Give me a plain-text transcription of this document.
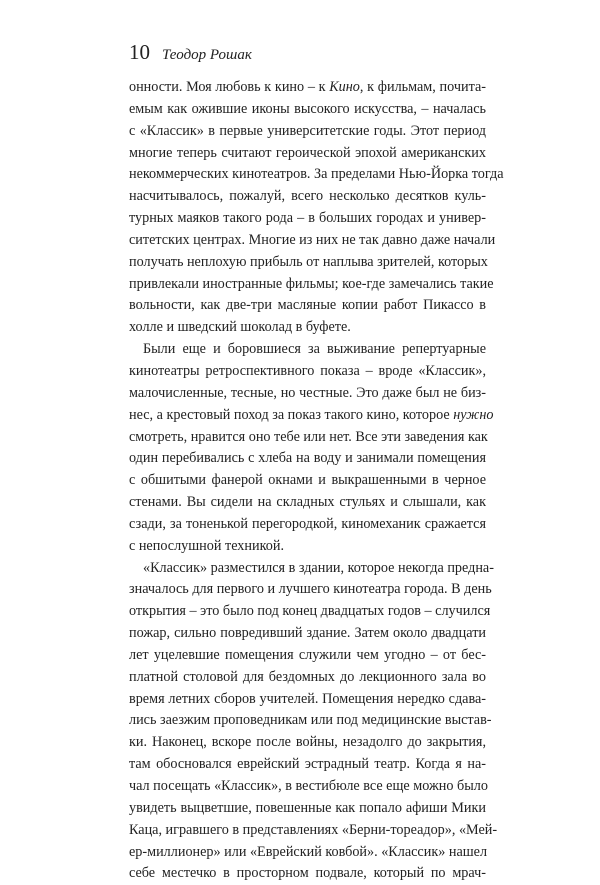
10 Теодор Рошак
онности. Моя любовь к кино – к Кино, к фильмам, почита-
емым как ожившие иконы высокого искусства, – началась
с «Классик» в первые университетские годы. Этот период
многие теперь считают героической эпохой американских
некоммерческих кинотеатров. За пределами Нью-Йорка тогда
насчитывалось, пожалуй, всего несколько десятков куль-
турных маяков такого рода – в больших городах и универ-
ситетских центрах. Многие из них не так давно даже начали
получать неплохую прибыль от наплыва зрителей, которых
привлекали иностранные фильмы; кое-где замечались такие
вольности, как две-три масляные копии работ Пикассо в
холле и шведский шоколад в буфете.
Были еще и боровшиеся за выживание репертуарные
кинотеатры ретроспективного показа – вроде «Классик»,
малочисленные, тесные, но честные. Это даже был не биз-
нес, а крестовый поход за показ такого кино, которое нужно
смотреть, нравится оно тебе или нет. Все эти заведения как
один перебивались с хлеба на воду и занимали помещения
с обшитыми фанерой окнами и выкрашенными в черное
стенами. Вы сидели на складных стульях и слышали, как
сзади, за тоненькой перегородкой, киномеханик сражается
с непослушной техникой.
«Классик» разместился в здании, которое некогда предна-
значалось для первого и лучшего кинотеатра города. В день
открытия – это было под конец двадцатых годов – случился
пожар, сильно повредивший здание. Затем около двадцати
лет уцелевшие помещения служили чем угодно – от бес-
платной столовой для бездомных до лекционного зала во
время летних сборов учителей. Помещения нередко сдава-
лись заезжим проповедникам или под медицинские выстав-
ки. Наконец, вскоре после войны, незадолго до закрытия,
там обосновался еврейский эстрадный театр. Когда я на-
чал посещать «Классик», в вестибюле все еще можно было
увидеть выцветшие, повешенные как попало афиши Мики
Каца, игравшего в представлениях «Берни-тореадор», «Мей-
ер-миллионер» или «Еврейский ковбой». «Классик» нашел
себе местечко в просторном подвале, который по мрач-
